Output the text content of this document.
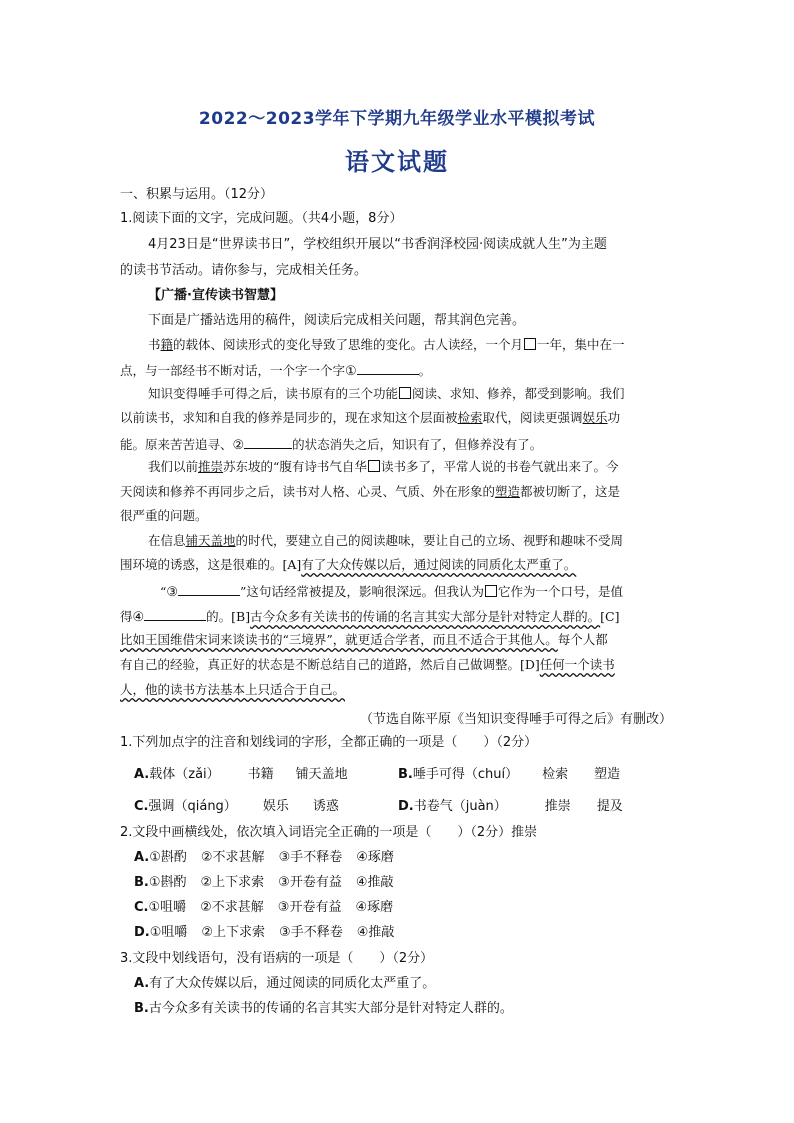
2022～2023学年下学期九年级学业水平模拟考试
语文试题
一、积累与运用。（12分）
1.阅读下面的文字，完成问题。（共4小题，8分）
4月23日是“世界读书日”，学校组织开展以“书香润泽校园·阅读成就人生”为主题
的读书节活动。请你参与，完成相关任务。
【广播·宣传读书智慧】
下面是广播站选用的稿件，阅读后完成相关问题，帮其润色完善。
书籍的载体、阅读形式的变化导致了思维的变化。古人读经，一个月 一年，集中在一
点，与一部经书不断对话，一个字一个字①	。
知识变得唾手可得之后，读书原有的三个功能 阅读、求知、修养，都受到影响。我们
以前读书，求知和自我的修养是同步的，现在求知这个层面被检索取代，阅读更强调娱乐功
能。原来苦苦追寻、②	的状态消失之后，知识有了，但修养没有了。
我们以前推崇苏东坡的“腹有诗书气自华 读书多了，平常人说的书卷气就出来了。今
天阅读和修养不再同步之后，读书对人格、心灵、气质、外在形象的塑造都被切断了，这是
很严重的问题。
在信息铺天盖地的时代，要建立自己的阅读趣味，要让自己的立场、视野和趣味不受周
围环境的诱惑，这是很难的。[A]有了大众传媒以后，通过阅读的同质化太严重了。
“③	”这句话经常被提及，影响很深远。但我认为 它作为一个口号，是值
得④	的。[B]古今众多有关读书的传诵的名言其实大部分是针对特定人群的。[C]
比如王国维借宋词来谈读书的“三境界”，就更适合学者，而且不适合于其他人。每个人都
有自己的经验，真正好的状态是不断总结自己的道路，然后自己做调整。[D]任何一个读书
人，他的读书方法基本上只适合于自己。
（节选自陈平原《当知识变得唾手可得之后》有删改）
1.下列加点字的注音和划线词的字形，全都正确的一项是（　　）（2分）
A.载体（zǎi） 书籍 铺天盖地	B.唾手可得（chuí） 检索 塑造
C.强调（qiáng） 娱乐 诱惑	D.书卷气（juàn）	推崇 提及
2.文段中画横线处，依次填入词语完全正确的一项是（　　）（2分）推崇
A.①斟酌 ②不求甚解 ③手不释卷 ④琢磨
B.①斟酌 ②上下求索 ③开卷有益 ④推敲
C.①咀嚼 ②不求甚解 ③开卷有益 ④琢磨
D.①咀嚼 ②上下求索 ③手不释卷 ④推敲
3.文段中划线语句，没有语病的一项是（　　）（2分）
A.有了大众传媒以后，通过阅读的同质化太严重了。
B.古今众多有关读书的传诵的名言其实大部分是针对特定人群的。
